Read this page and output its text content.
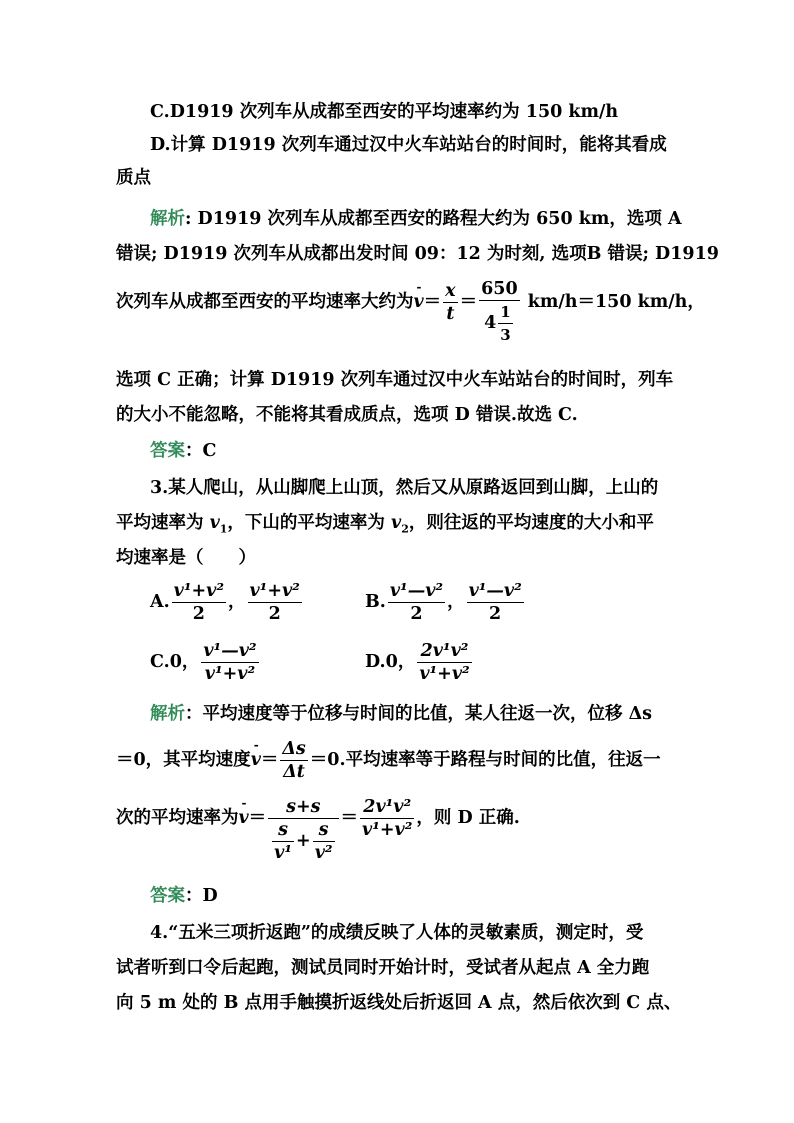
C.D1919 次列车从成都至西安的平均速率约为 150 km/h
D.计算 D1919 次列车通过汉中火车站站台的时间时，能将其看成
质点
解析: D1919 次列车从成都至西安的路程大约为 650 km，选项 A
错误; D1919 次列车从成都出发时间 09：12 为时刻, 选项B 错误; D1919
次列车从成都至西安的平均速率大约为
-
$v= \frac{x}{t} = \frac{650}{4 \frac{1}{3}} km/h=150$ km/h，
选项 C 正确；计算 D1919 次列车通过汉中火车站站台的时间时，列车
的大小不能忽略，不能将其看成质点，选项 D 错误.故选 C.
答案：C
3.某人爬山，从山脚爬上山顶，然后又从原路返回到山脚，上山的
平均速率为 $v_1$，下山的平均速率为 $v_2$，则往返的平均速度的大小和平
均速率是（　　）
A. $\frac{\text{v¹+v²}}{2}$ ， $\frac{\text{v¹+v²}}{2}$	B. $\frac{\text{v¹—v²}}{2}$ ， $\frac{\text{v¹—v²}}{2}$
C.0， $\frac{\text{v¹—v²}}{\text{v¹+v²}}$	D.0， $\frac{\text{2v¹v²}}{\text{v¹+v²}}$
解析：平均速度等于位移与时间的比值，某人往返一次，位移 Δs
＝0，其平均速度
-
$v= \frac{\Delta s}{\Delta t} =0$.平均速率等于路程与时间的比值，往返一
次的平均速率为
-
$v= \frac{s+s}{\frac{s}{\text{v¹}} + \frac{s}{\text{v²}}} = \frac{\text{2v¹v²}}{\text{v¹+v²}}$ ，则 D 正确.
答案：D
4.“五米三项折返跑”的成绩反映了人体的灵敏素质，测定时，受
试者听到口令后起跑，测试员同时开始计时，受试者从起点 A 全力跑
向 5 m 处的 B 点用手触摸折返线处后折返回 A 点，然后依次到 C 点、
